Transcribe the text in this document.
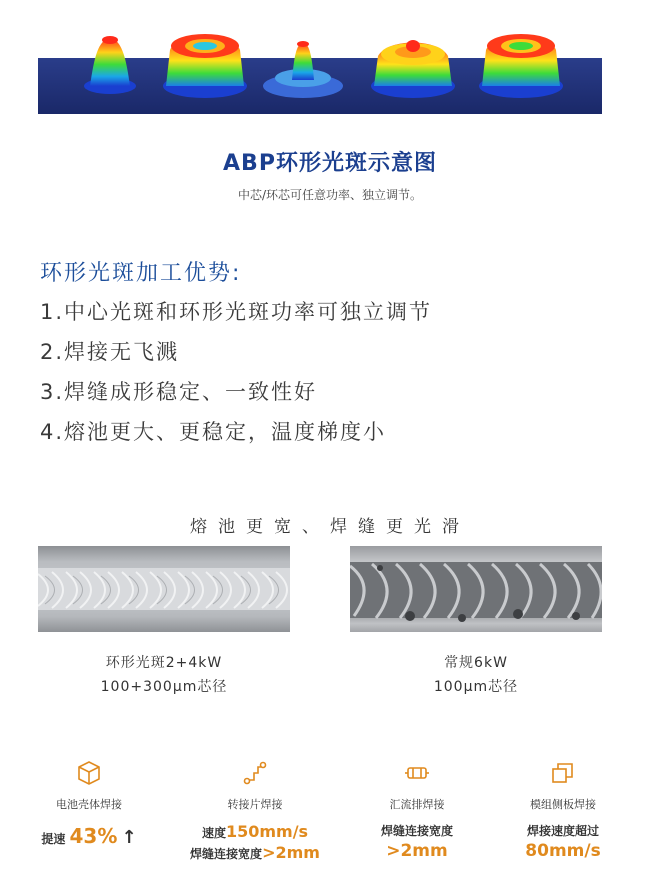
ABP环形光斑示意图
中芯/环芯可任意功率、独立调节。
环形光斑加工优势:
1.中心光斑和环形光斑功率可独立调节
2.焊接无飞溅
3.焊缝成形稳定、一致性好
4.熔池更大、更稳定，温度梯度小
熔池更宽、焊缝更光滑
环形光斑2+4kW
100+300μm芯径
常规6kW
100μm芯径
电池壳体焊接
提速 43% ↑
转接片焊接
速度150mm/s
焊缝连接宽度>2mm
汇流排焊接
焊缝连接宽度
>2mm
模组侧板焊接
焊接速度超过
80mm/s
